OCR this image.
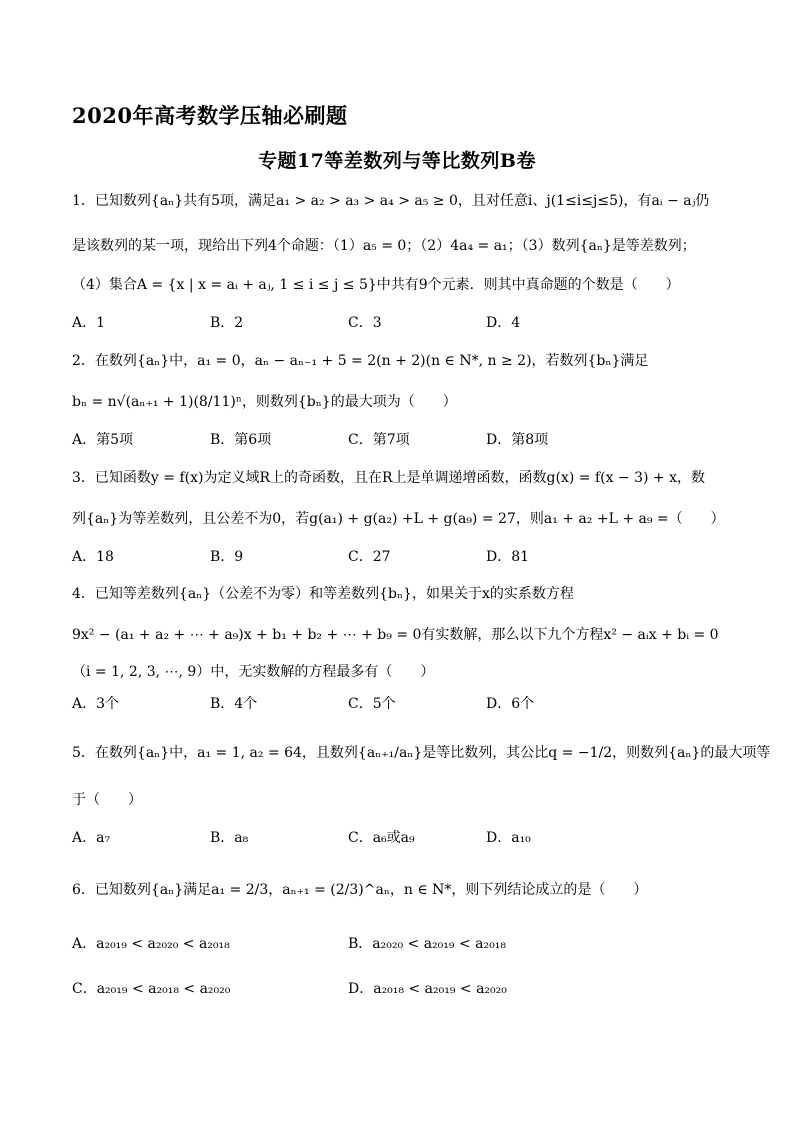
2020年高考数学压轴必刷题
专题17等差数列与等比数列B卷
1．已知数列{aₙ}共有5项，满足a₁ > a₂ > a₃ > a₄ > a₅ ≥ 0，且对任意i、j(1≤i≤j≤5)，有aᵢ − aⱼ仍
是该数列的某一项，现给出下列4个命题：（1）a₅ = 0；（2）4a₄ = a₁；（3）数列{aₙ}是等差数列；
（4）集合A = {x | x = aᵢ + aⱼ, 1 ≤ i ≤ j ≤ 5}中共有9个元素．则其中真命题的个数是（　　）
A．1	B．2	C．3	D．4
2．在数列{aₙ}中，a₁ = 0，aₙ − aₙ₋₁ + 5 = 2(n + 2)(n ∈ N*, n ≥ 2)，若数列{bₙ}满足
bₙ = n√(aₙ₊₁ + 1)(8/11)ⁿ，则数列{bₙ}的最大项为（　　）
A．第5项	B．第6项	C．第7项	D．第8项
3．已知函数y = f(x)为定义域R上的奇函数，且在R上是单调递增函数，函数g(x) = f(x − 3) + x，数
列{aₙ}为等差数列，且公差不为0，若g(a₁) + g(a₂) +L + g(a₉) = 27，则a₁ + a₂ +L + a₉ =（　　）
A．18	B．9	C．27	D．81
4．已知等差数列{aₙ}（公差不为零）和等差数列{bₙ}，如果关于x的实系数方程
9x² − (a₁ + a₂ + ⋯ + a₉)x + b₁ + b₂ + ⋯ + b₉ = 0有实数解，那么以下九个方程x² − aᵢx + bᵢ = 0
（i = 1, 2, 3, ⋯, 9）中，无实数解的方程最多有（　　）
A．3个	B．4个	C．5个	D．6个
5．在数列{aₙ}中，a₁ = 1, a₂ = 64，且数列{aₙ₊₁/aₙ}是等比数列，其公比q = −1/2，则数列{aₙ}的最大项等
于（　　）
A．a₇	B．a₈	C．a₆或a₉	D．a₁₀
6．已知数列{aₙ}满足a₁ = 2/3，aₙ₊₁ = (2/3)^aₙ，n ∈ N*，则下列结论成立的是（　　）
A．a₂₀₁₉ < a₂₀₂₀ < a₂₀₁₈	B．a₂₀₂₀ < a₂₀₁₉ < a₂₀₁₈
C．a₂₀₁₉ < a₂₀₁₈ < a₂₀₂₀	D．a₂₀₁₈ < a₂₀₁₉ < a₂₀₂₀
